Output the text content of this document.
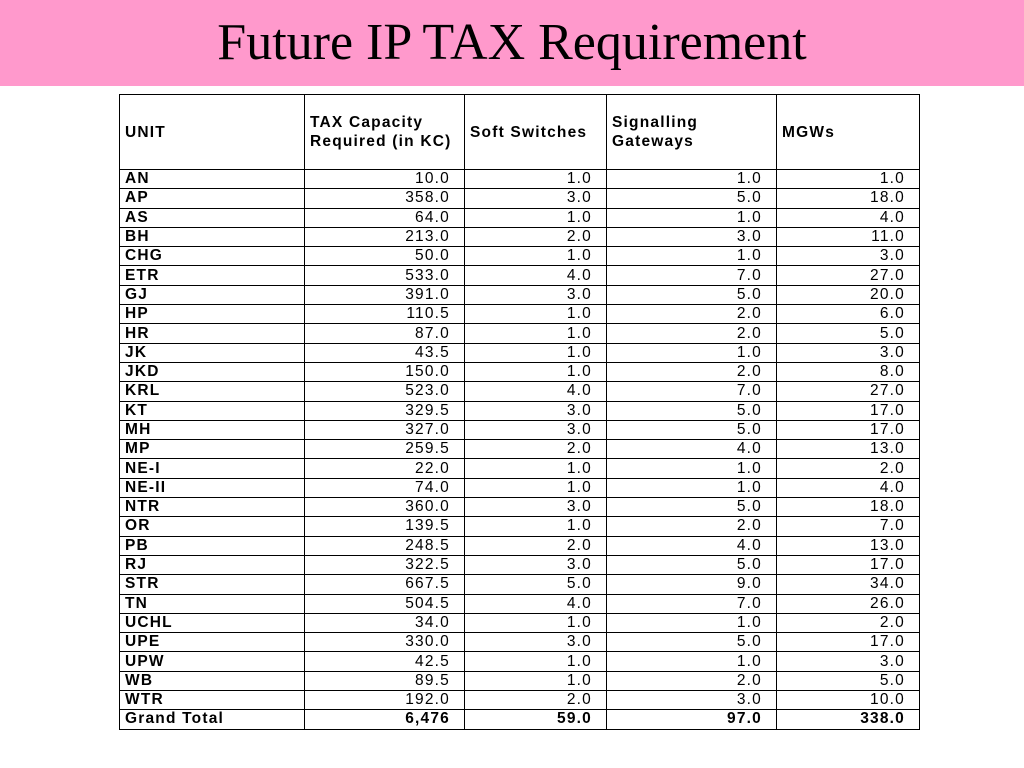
Future IP TAX Requirement
UNIT	TAX Capacity Required (in KC)	Soft Switches	Signalling Gateways	MGWs
AN	10.0	1.0	1.0	1.0
AP	358.0	3.0	5.0	18.0
AS	64.0	1.0	1.0	4.0
BH	213.0	2.0	3.0	11.0
CHG	50.0	1.0	1.0	3.0
ETR	533.0	4.0	7.0	27.0
GJ	391.0	3.0	5.0	20.0
HP	110.5	1.0	2.0	6.0
HR	87.0	1.0	2.0	5.0
JK	43.5	1.0	1.0	3.0
JKD	150.0	1.0	2.0	8.0
KRL	523.0	4.0	7.0	27.0
KT	329.5	3.0	5.0	17.0
MH	327.0	3.0	5.0	17.0
MP	259.5	2.0	4.0	13.0
NE-I	22.0	1.0	1.0	2.0
NE-II	74.0	1.0	1.0	4.0
NTR	360.0	3.0	5.0	18.0
OR	139.5	1.0	2.0	7.0
PB	248.5	2.0	4.0	13.0
RJ	322.5	3.0	5.0	17.0
STR	667.5	5.0	9.0	34.0
TN	504.5	4.0	7.0	26.0
UCHL	34.0	1.0	1.0	2.0
UPE	330.0	3.0	5.0	17.0
UPW	42.5	1.0	1.0	3.0
WB	89.5	1.0	2.0	5.0
WTR	192.0	2.0	3.0	10.0
Grand Total	6,476	59.0	97.0	338.0
